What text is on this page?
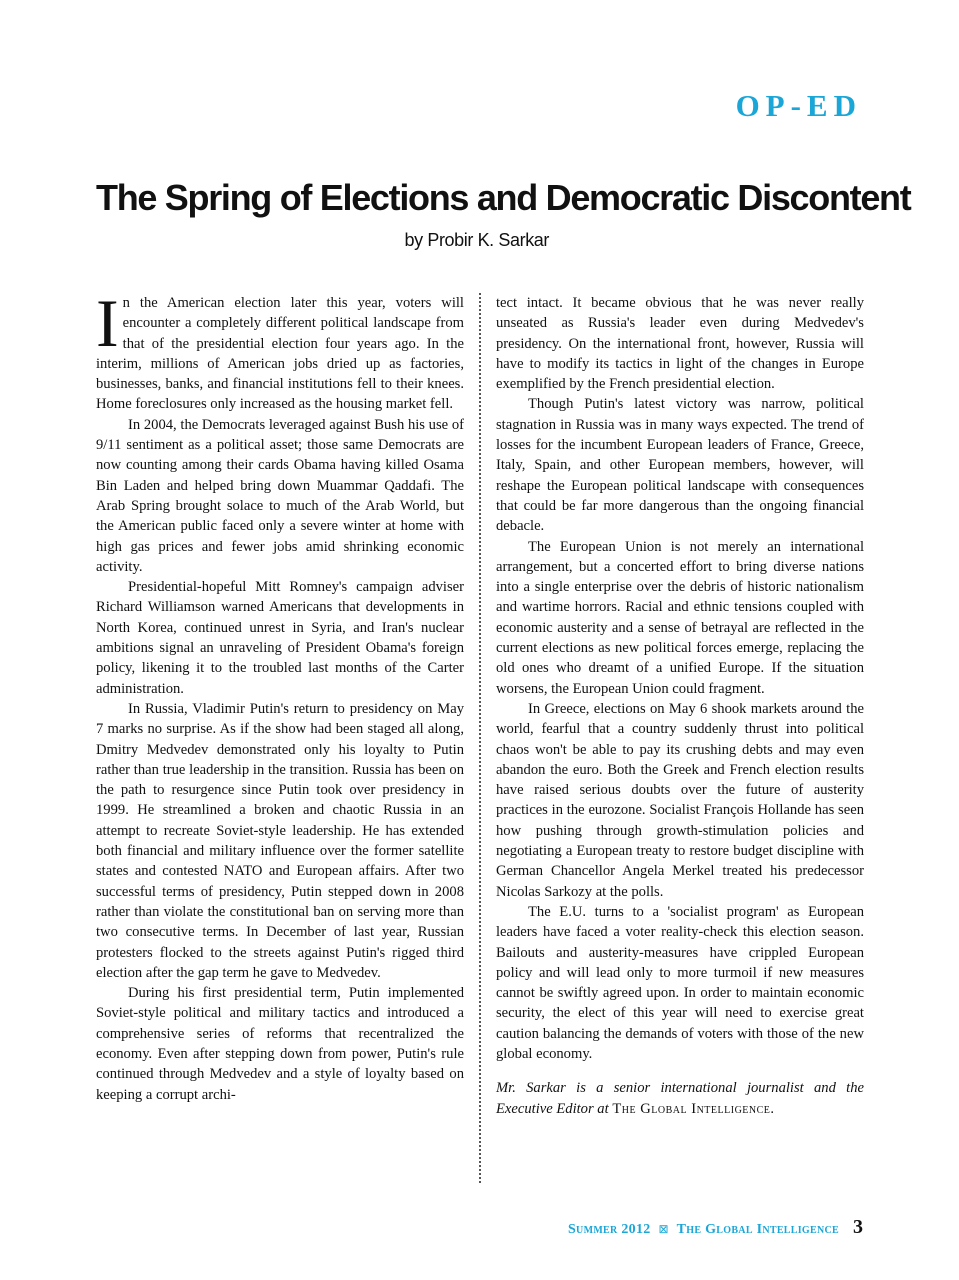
OP-ED
The Spring of Elections and Democratic Discontent
by Probir K. Sarkar

In the American election later this year, voters will encounter a completely different political landscape from that of the presidential election four years ago. In the interim, millions of American jobs dried up as factories, businesses, banks, and financial institutions fell to their knees. Home foreclosures only increased as the housing market fell.

In 2004, the Democrats leveraged against Bush his use of 9/11 sentiment as a political asset; those same Democrats are now counting among their cards Obama having killed Osama Bin Laden and helped bring down Muammar Qaddafi. The Arab Spring brought solace to much of the Arab World, but the American public faced only a severe winter at home with high gas prices and fewer jobs amid shrinking economic activity.

Presidential-hopeful Mitt Romney's campaign adviser Richard Williamson warned Americans that developments in North Korea, continued unrest in Syria, and Iran's nuclear ambitions signal an unraveling of President Obama's foreign policy, likening it to the troubled last months of the Carter administration.

In Russia, Vladimir Putin's return to presidency on May 7 marks no surprise. As if the show had been staged all along, Dmitry Medvedev demonstrated only his loyalty to Putin rather than true leadership in the transition. Russia has been on the path to resurgence since Putin took over presidency in 1999. He streamlined a broken and chaotic Russia in an attempt to recreate Soviet-style leadership. He has extended both financial and military influence over the former satellite states and contested NATO and European affairs. After two successful terms of presidency, Putin stepped down in 2008 rather than violate the constitutional ban on serving more than two consecutive terms. In December of last year, Russian protesters flocked to the streets against Putin's rigged third election after the gap term he gave to Medvedev.

During his first presidential term, Putin implemented Soviet-style political and military tactics and introduced a comprehensive series of reforms that recentralized the economy. Even after stepping down from power, Putin's rule continued through Medvedev and a style of loyalty based on keeping a corrupt archi-

tect intact. It became obvious that he was never really unseated as Russia's leader even during Medvedev's presidency. On the international front, however, Russia will have to modify its tactics in light of the changes in Europe exemplified by the French presidential election.

Though Putin's latest victory was narrow, political stagnation in Russia was in many ways expected. The trend of losses for the incumbent European leaders of France, Greece, Italy, Spain, and other European members, however, will reshape the European political landscape with consequences that could be far more dangerous than the ongoing financial debacle.

The European Union is not merely an international arrangement, but a concerted effort to bring diverse nations into a single enterprise over the debris of historic nationalism and wartime horrors. Racial and ethnic tensions coupled with economic austerity and a sense of betrayal are reflected in the current elections as new political forces emerge, replacing the old ones who dreamt of a unified Europe. If the situation worsens, the European Union could fragment.

In Greece, elections on May 6 shook markets around the world, fearful that a country suddenly thrust into political chaos won't be able to pay its crushing debts and may even abandon the euro. Both the Greek and French election results have raised serious doubts over the future of austerity practices in the eurozone. Socialist François Hollande has seen how pushing through growth-stimulation policies and negotiating a European treaty to restore budget discipline with German Chancellor Angela Merkel treated his predecessor Nicolas Sarkozy at the polls.

The E.U. turns to a 'socialist program' as European leaders have faced a voter reality-check this election season. Bailouts and austerity-measures have crippled European policy and will lead only to more turmoil if new measures cannot be swiftly agreed upon. In order to maintain economic security, the elect of this year will need to exercise great caution balancing the demands of voters with those of the new global economy.

Mr. Sarkar is a senior international journalist and the Executive Editor at The Global Intelligence.

Summer 2012 ⊠ The Global Intelligence 3
